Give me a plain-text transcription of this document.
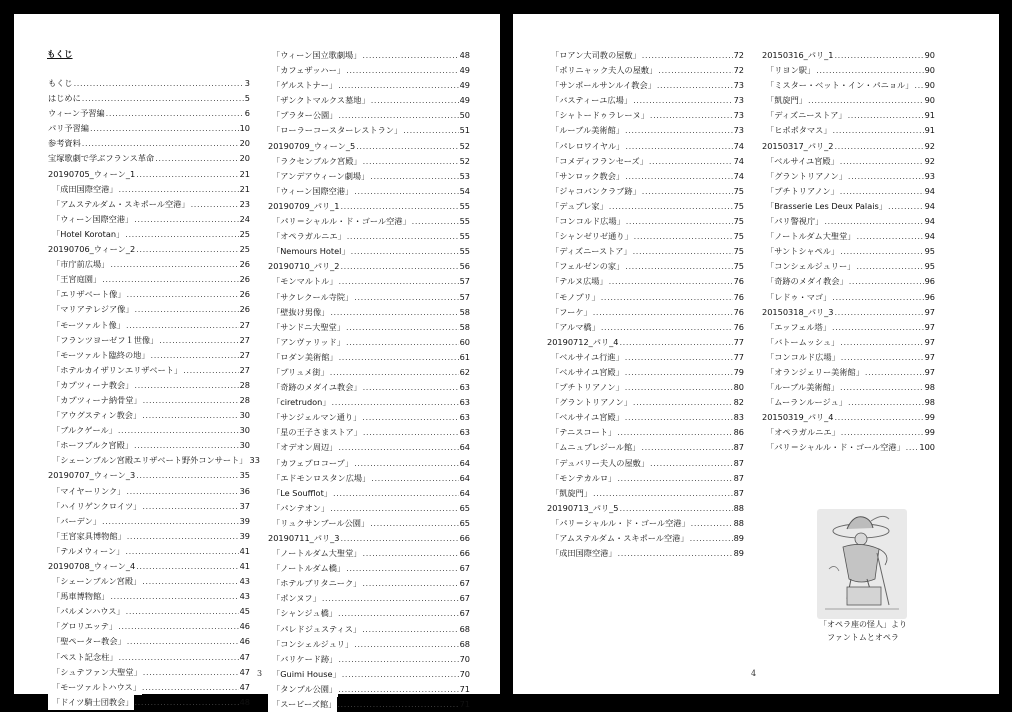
もくじ
もくじ .....	3
はじめに .....	5
ウィーン予習編 .....	6
パリ予習編 .....	10
参考資料 .....	20
宝塚歌劇で学ぶフランス革命 .....	20
20190705_ウィーン_1 .....	21
「成田国際空港」 .....	21
「アムステルダム・スキポール空港」 .....	23
「ウィーン国際空港」 .....	24
「Hotel Korotan」 .....	25
20190706_ウィーン_2 .....	25
「市庁前広場」 .....	26
「王宮庭園」 .....	26
「エリザベート像」 .....	26
「マリアテレジア像」 .....	26
「モーツァルト像」 .....	27
「フランツヨーゼフ１世像」 .....	27
「モーツァルト臨終の地」 .....	27
「ホテルカイザリンエリザベート」 .....	27
「カプツィーナ教会」 .....	28
「カプツィーナ納骨堂」 .....	28
「アウグスティン教会」 .....	30
「ブルクゲール」 .....	30
「ホーフブルク宮殿」 .....	30
「シェーンブルン宮殿エリザベート野外コンサート」 33
20190707_ウィーン_3 .....	35
「マイヤーリンク」 .....	36
「ハイリゲンクロイツ」 .....	37
「バーデン」 .....	39
「王宮家具博物館」 .....	39
「テルメウィーン」 .....	41
20190708_ウィーン_4 .....	41
「シェーンブルン宮殿」 .....	43
「馬車博物館」 .....	43
「パルメンハウス」 .....	45
「グロリエッテ」 .....	46
「聖ペーター教会」 .....	46
「ペスト記念柱」 .....	47
「シュテファン大聖堂」 .....	47
「モーツァルトハウス」 .....	47
「ドイツ騎士団教会」 .....	48
「ウィーン国立歌劇場」 .....	48
「カフェザッハー」 .....	49
「ゲルストナー」 .....	49
「ザンクトマルクス墓地」 .....	49
「プラター公園」 .....	50
「ローラーコースターレストラン」 .....	51
20190709_ウィーン_5 .....	52
「ラクセンブルク宮殿」 .....	52
「アンデアウィーン劇場」 .....	53
「ウィーン国際空港」 .....	54
20190709_パリ_1 .....	55
「パリ＝シャルル・ド・ゴール空港」 .....	55
「オペラガルニエ」 .....	55
「Nemours Hotel」 .....	55
20190710_パリ_2 .....	56
「モンマルトル」 .....	57
「サクレクール寺院」 .....	57
「壁抜け男像」 .....	58
「サンドニ大聖堂」 .....	58
「アンヴァリッド」 .....	60
「ロダン美術館」 .....	61
「プリュメ街」 .....	62
「奇跡のメダイユ教会」 .....	63
「ciretrudon」 .....	63
「サンジェルマン通り」 .....	63
「星の王子さまストア」 .....	63
「オデオン周辺」 .....	64
「カフェプロコープ」 .....	64
「エドモンロスタン広場」 .....	64
「Le Soufflot」 .....	64
「パンテオン」 .....	65
「リュクサンブール公園」 .....	65
20190711_パリ_3 .....	66
「ノートルダム大聖堂」 .....	66
「ノートルダム橋」 .....	67
「ホテルブリタニーク」 .....	67
「ポンヌフ」 .....	67
「シャンジュ橋」 .....	67
「パレドジュスティス」 .....	68
「コンシェルジュリ」 .....	68
「バリケード跡」 .....	70
「Guimi House」 .....	70
「タンプル公園」 .....	71
「スービーズ館」 .....	71
3
「ロアン大司教の屋敷」 .....	72
「ポリニャック夫人の屋敷」 .....	72
「サンポールサンルイ教会」 .....	73
「バスティーユ広場」 .....	73
「シャトードゥラレーヌ」 .....	73
「ルーブル美術館」 .....	73
「パレロワイヤル」 .....	74
「コメディフランセーズ」 .....	74
「サンロック教会」 .....	74
「ジャコバンクラブ跡」 .....	75
「デュプレ家」 .....	75
「コンコルド広場」 .....	75
「シャンゼリゼ通り」 .....	75
「ディズニーストア」 .....	75
「フェルゼンの家」 .....	75
「テルヌ広場」 .....	76
「モノプリ」 .....	76
「フーケ」 .....	76
「アルマ橋」 .....	76
20190712_パリ_4 .....	77
「ベルサイユ行進」 .....	77
「ベルサイユ宮殿」 .....	79
「プチトリアノン」 .....	80
「グラントリアノン」 .....	82
「ベルサイユ宮殿」 .....	83
「テニスコート」 .....	86
「ムニュプレジール館」 .....	87
「デュバリー夫人の屋敷」 .....	87
「モンテカルロ」 .....	87
「凱旋門」 .....	87
20190713_パリ_5 .....	88
「パリ＝シャルル・ド・ゴール空港」 .....	88
「アムステルダム・スキポール空港」 .....	89
「成田国際空港」 .....	89
20150316_パリ_1 .....	90
「リヨン駅」 .....	90
「ミスター・ベット・イン・パニョル」 ..... 90
「凱旋門」 .....	90
「ディズニーストア」 .....	91
「ヒポポタマス」 .....	91
20150317_パリ_2 .....	92
「ベルサイユ宮殿」 .....	92
「グラントリアノン」 .....	93
「プチトリアノン」 .....	94
「Brasserie Les Deux Palais」 .....	94
「パリ警視庁」 .....	94
「ノートルダム大聖堂」 .....	94
「サントシャペル」 .....	95
「コンシェルジュリー」 .....	95
「奇跡のメダイ教会」 .....	96
「レドゥ・マゴ」 .....	96
20150318_パリ_3 .....	97
「エッフェル塔」 .....	97
「バトームッシュ」 .....	97
「コンコルド広場」 .....	97
「オランジェリー美術館」 .....	97
「ルーブル美術館」 .....	98
「ムーランルージュ」 .....	98
20150319_パリ_4 .....	99
「オペラガルニエ」 .....	99
「パリ＝シャルル・ド・ゴール空港」 ..... 100
「オペラ座の怪人」より
ファントムとオペラ
4
